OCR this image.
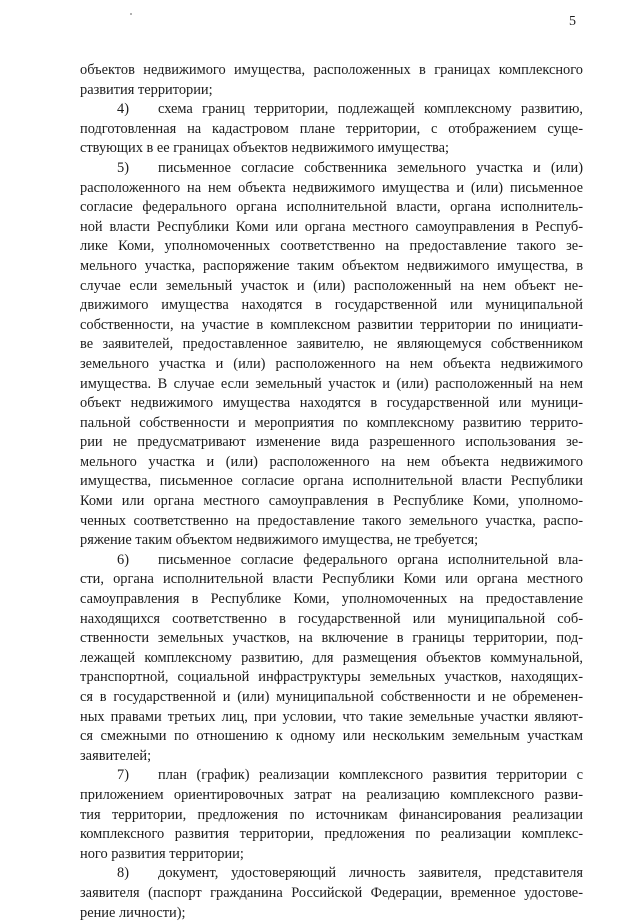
5

объектов недвижимого имущества, расположенных в границах комплексного
развития территории;

4) схема границ территории, подлежащей комплексному развитию,
подготовленная на кадастровом плане территории, с отображением суще-
ствующих в ее границах объектов недвижимого имущества;

5) письменное согласие собственника земельного участка и (или)
расположенного на нем объекта недвижимого имущества и (или) письменное
согласие федерального органа исполнительной власти, органа исполнитель-
ной власти Республики Коми или органа местного самоуправления в Респуб-
лике Коми, уполномоченных соответственно на предоставление такого зе-
мельного участка, распоряжение таким объектом недвижимого имущества, в
случае если земельный участок и (или) расположенный на нем объект не-
движимого имущества находятся в государственной или муниципальной
собственности, на участие в комплексном развитии территории по инициати-
ве заявителей, предоставленное заявителю, не являющемуся собственником
земельного участка и (или) расположенного на нем объекта недвижимого
имущества. В случае если земельный участок и (или) расположенный на нем
объект недвижимого имущества находятся в государственной или муници-
пальной собственности и мероприятия по комплексному развитию террито-
рии не предусматривают изменение вида разрешенного использования зе-
мельного участка и (или) расположенного на нем объекта недвижимого
имущества, письменное согласие органа исполнительной власти Республики
Коми или органа местного самоуправления в Республике Коми, уполномо-
ченных соответственно на предоставление такого земельного участка, распо-
ряжение таким объектом недвижимого имущества, не требуется;

6) письменное согласие федерального органа исполнительной вла-
сти, органа исполнительной власти Республики Коми или органа местного
самоуправления в Республике Коми, уполномоченных на предоставление
находящихся соответственно в государственной или муниципальной соб-
ственности земельных участков, на включение в границы территории, под-
лежащей комплексному развитию, для размещения объектов коммунальной,
транспортной, социальной инфраструктуры земельных участков, находящих-
ся в государственной и (или) муниципальной собственности и не обременен-
ных правами третьих лиц, при условии, что такие земельные участки являют-
ся смежными по отношению к одному или нескольким земельным участкам
заявителей;

7) план (график) реализации комплексного развития территории с
приложением ориентировочных затрат на реализацию комплексного разви-
тия территории, предложения по источникам финансирования реализации
комплексного развития территории, предложения по реализации комплекс-
ного развития территории;

8) документ, удостоверяющий личность заявителя, представителя
заявителя (паспорт гражданина Российской Федерации, временное удостове-
рение личности);
